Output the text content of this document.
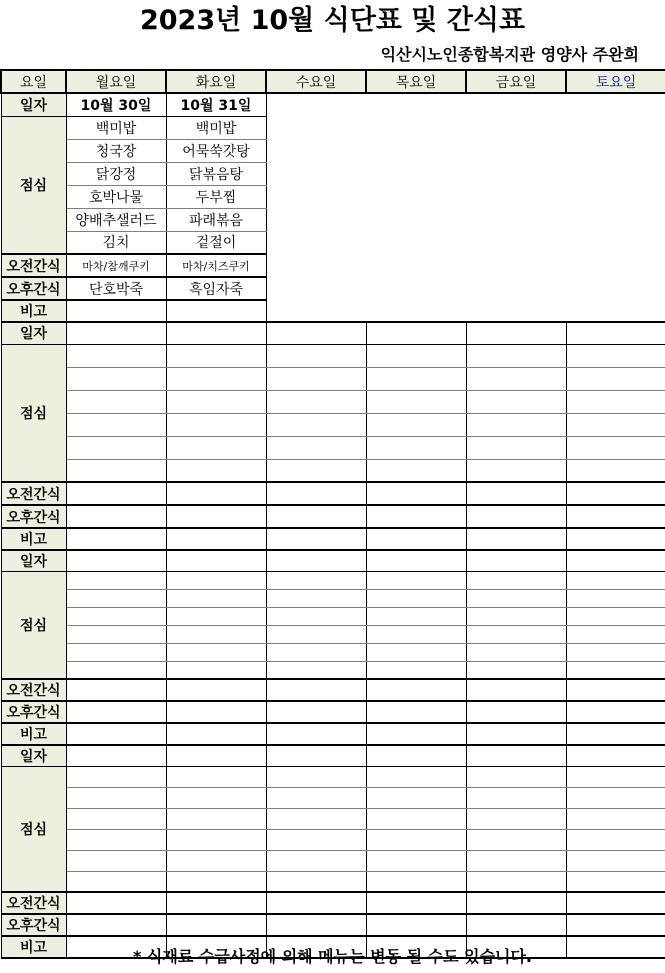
2023년 10월 식단표 및 간식표
익산시노인종합복지관 영양사 주완희
요일	월요일	화요일	수요일	목요일	금요일	토요일
일자	10월 30일	10월 31일				
점심	백미밥	백미밥				
	청국장	어묵쑥갓탕				
	닭강정	닭볶음탕				
	호박나물	두부찜				
	양배추샐러드	파래볶음				
	김치	겉절이				
오전간식	마차/참깨쿠키	마차/치즈쿠키				
오후간식	단호박죽	흑임자죽				
비고						
일자						
점심						

오전간식						
오후간식						
비고						
일자						
점심						

오전간식						
오후간식						
비고						
일자						
점심						

오전간식						
오후간식						
비고							* 식재료 수급사정에 의해 메뉴는 변동 될 수도 있습니다.
